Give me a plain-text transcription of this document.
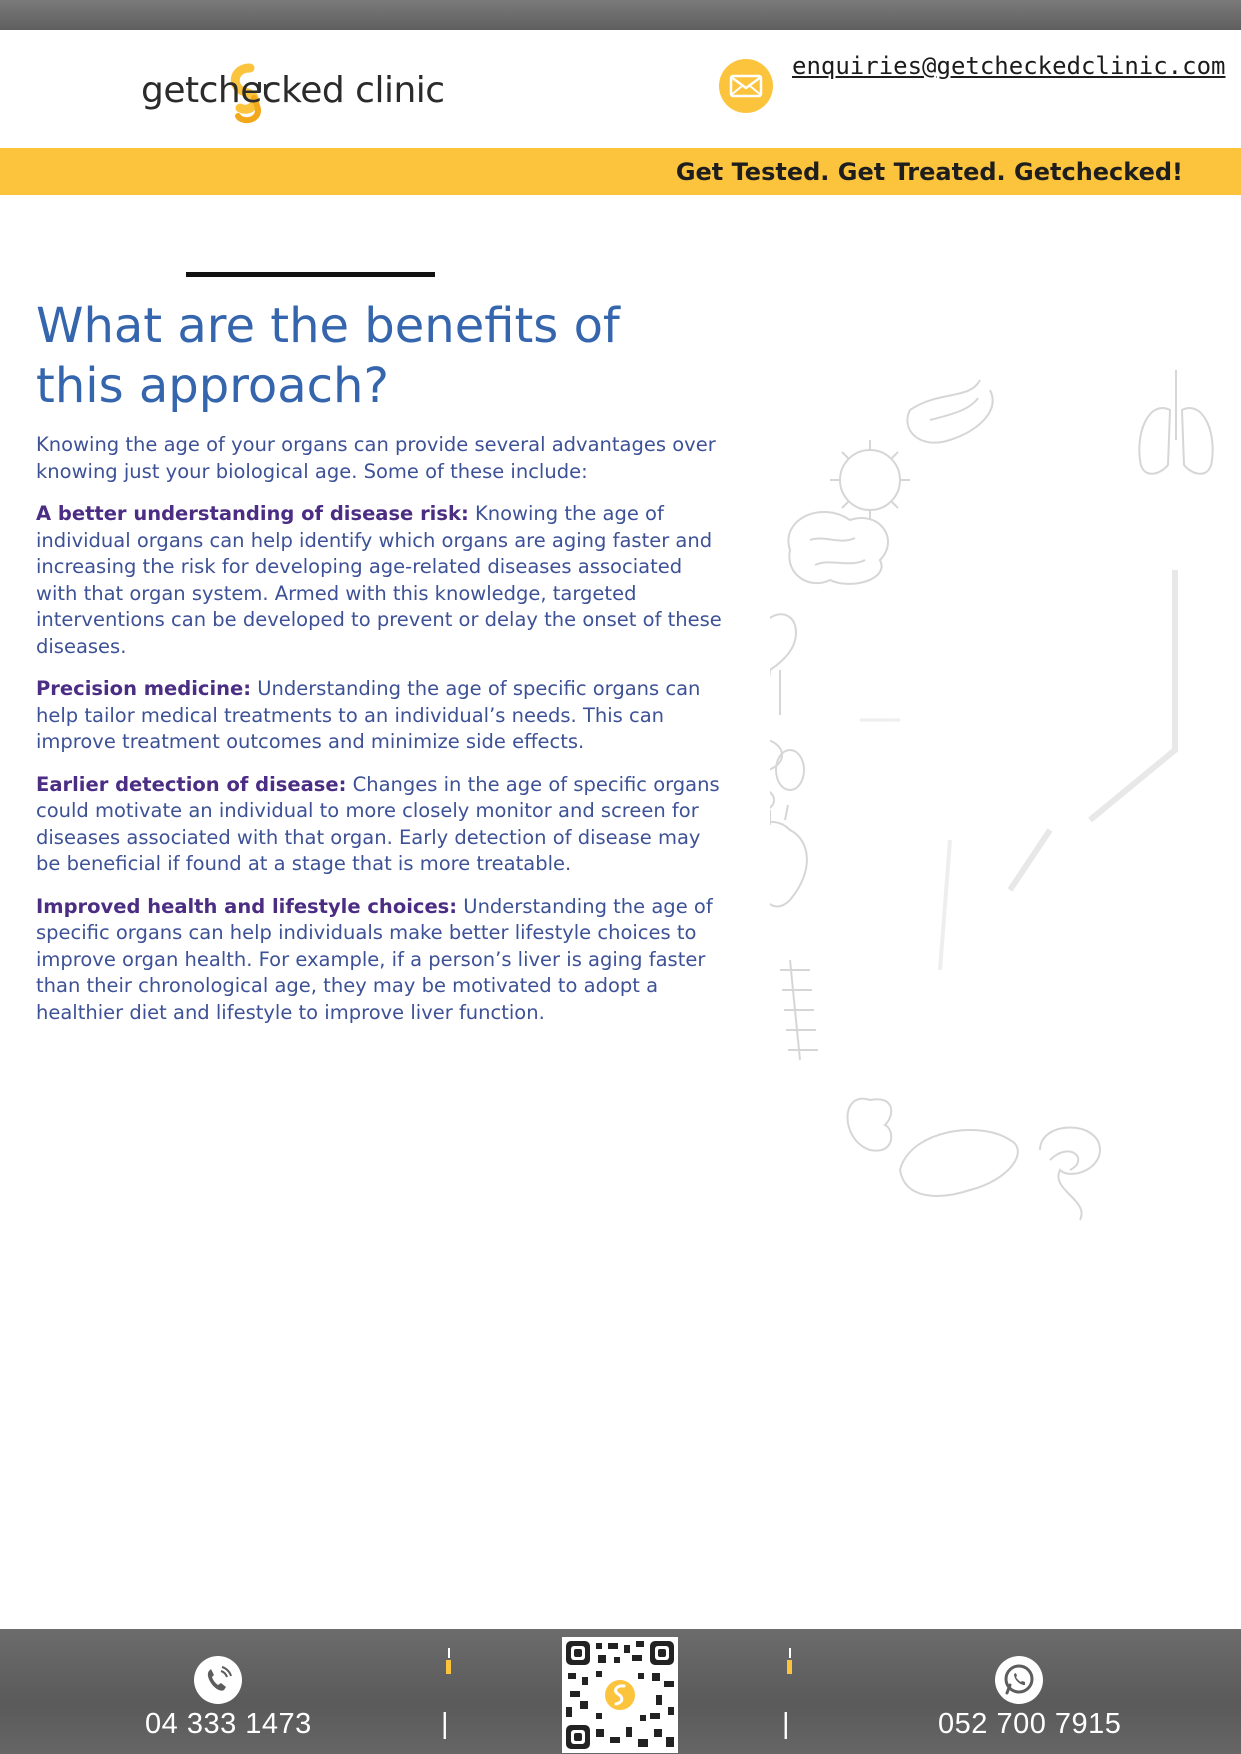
getchecked clinic
enquiries@getcheckedclinic.com
Get Tested. Get Treated. Getchecked!
What are the benefits of this approach?

Knowing the age of your organs can provide several advantages over knowing just your biological age. Some of these include:

A better understanding of disease risk: Knowing the age of individual organs can help identify which organs are aging faster and increasing the risk for developing age-related diseases associated with that organ system. Armed with this knowledge, targeted interventions can be developed to prevent or delay the onset of these diseases.

Precision medicine: Understanding the age of specific organs can help tailor medical treatments to an individual’s needs. This can improve treatment outcomes and minimize side effects.

Earlier detection of disease: Changes in the age of specific organs could motivate an individual to more closely monitor and screen for diseases associated with that organ. Early detection of disease may be beneficial if found at a stage that is more treatable.

Improved health and lifestyle choices: Understanding the age of specific organs can help individuals make better lifestyle choices to improve organ health. For example, if a person’s liver is aging faster than their chronological age, they may be motivated to adopt a healthier diet and lifestyle to improve liver function.

04 333 1473	|	|	052 700 7915
